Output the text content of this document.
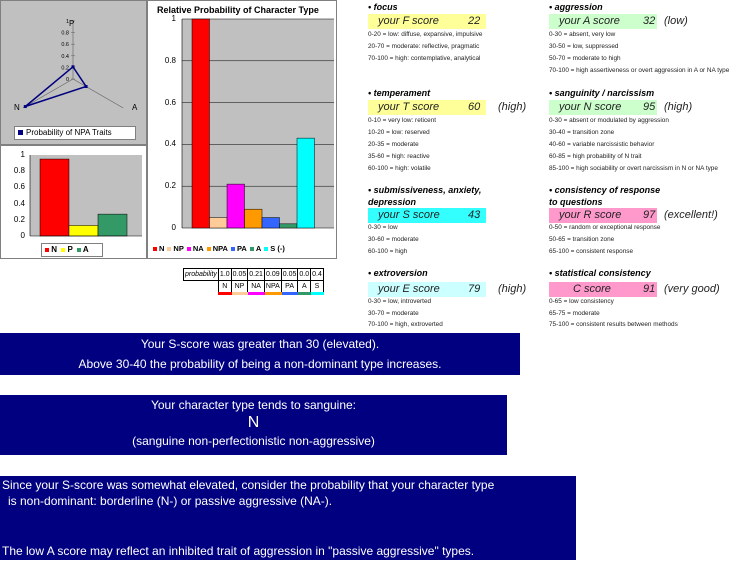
1
0.8
0.6
0.4
0.2
0
P
N	A
Probability of NPA Traits
N P A
1
0.8
0.6
0.4
0.2
0
Relative Probability of Character Type
N NP NA NPA PA A S (-)
1
0.8
0.6
0.4
0.2
0
probability	1.0	0.05	0.21	0.09	0.05	0.0	0.4
	N	NP	NA	NPA	PA	A	S
• focus
your F score	22
0-20 = low: diffuse, expansive, impulsive
20-70 = moderate: reflective, pragmatic
70-100 = high: contemplative, analytical
• temperament
your T score	60 (high)
0-10 = very low: reticent
10-20 = low: reserved
20-35 = moderate
35-60 = high: reactive
60-100 = high: volatile
• submissiveness, anxiety,
depression
your S score	43
0-30 = low
30-60 = moderate
60-100 = high
• extroversion
your E score	79 (high)
0-30 = low, introverted
30-70 = moderate
70-100 = high, extroverted
• aggression
your A score 32 (low)
0-30 = absent, very low
30-50 = low, suppressed
50-70 = moderate to high
70-100 = high assertiveness or overt aggression in A or NA type
• sanguinity / narcissism
your N score 95 (high)
0-30 = absent or modulated by aggression
30-40 = transition zone
40-60 = variable narcissistic behavior
60-85 = high probability of N trait
85-100 = high sociability or overt narcissism in N or NA type
• consistency of response
to questions
your R score 97 (excellent!)
0-50 = random or exceptional response
50-65 = transition zone
65-100 = consistent response
• statistical consistency
C score	91 (very good)
0-65 = low consistency
65-75 = moderate
75-100 = consistent results between methods
Your S-score was greater than 30 (elevated).
Above 30-40 the probability of being a non-dominant type increases.
Your character type tends to sanguine:
N
(sanguine non-perfectionistic non-aggressive)
Since your S-score was somewhat elevated, consider the probability that your character type
is non-dominant: borderline (N-) or passive aggressive (NA-).
The low A score may reflect an inhibited trait of aggression in "passive aggressive" types.
